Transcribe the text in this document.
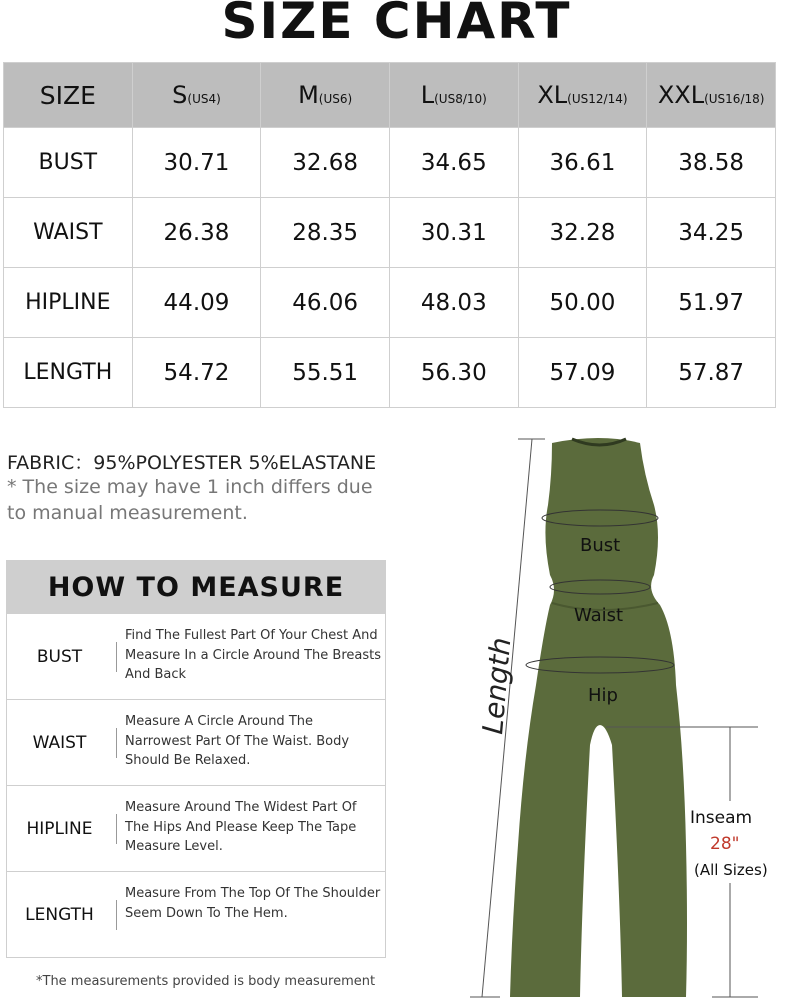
SIZE CHART
SIZE	S(US4)	M(US6)	L(US8/10)	XL(US12/14)	XXL(US16/18)
BUST	30.71	32.68	34.65	36.61	38.58
WAIST	26.38	28.35	30.31	32.28	34.25
HIPLINE	44.09	46.06	48.03	50.00	51.97
LENGTH	54.72	55.51	56.30	57.09	57.87
FABRIC：95%POLYESTER 5%ELASTANE
* The size may have 1 inch differs due to manual measurement.
HOW TO MEASURE
BUST
Find The Fullest Part Of Your Chest And Measure In a Circle Around The Breasts And Back
WAIST
Measure A Circle Around The Narrowest Part Of The Waist. Body Should Be Relaxed.
HIPLINE
Measure Around The Widest Part Of The Hips And Please Keep The Tape Measure Level.
LENGTH
Measure From The Top Of The Shoulder Seem Down To The Hem.
*The measurements provided is body measurement
Length
Bust
Waist
Hip
Inseam
28"
(All Sizes)
